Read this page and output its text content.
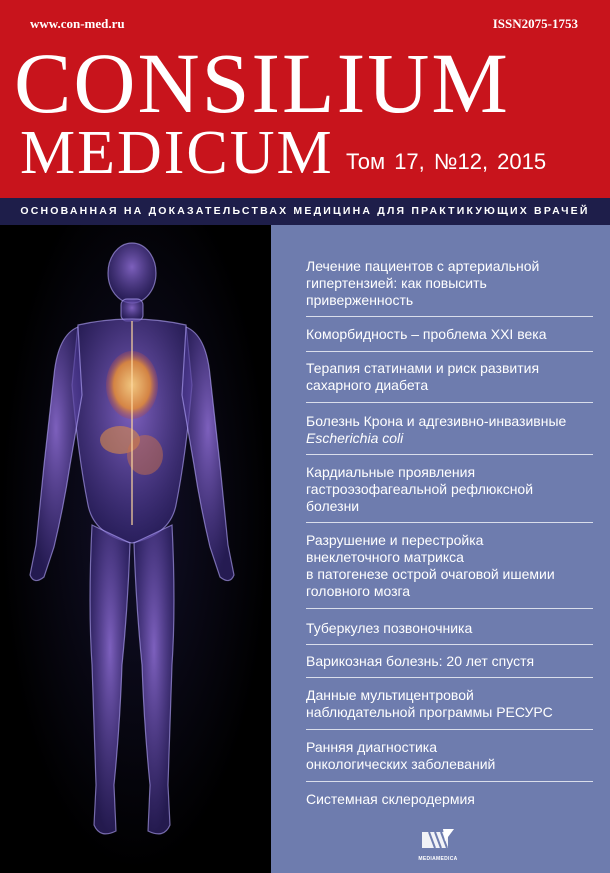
www.con-med.ru	ISSN2075-1753
CONSILIUM
MEDICUM Том 17, №12, 2015
ОСНОВАННАЯ НА ДОКАЗАТЕЛЬСТВАХ МЕДИЦИНА ДЛЯ ПРАКТИКУЮЩИХ ВРАЧЕЙ
Лечение пациентов с артериальной
гипертензией: как повысить
приверженность
Коморбидность – проблема XXI века
Терапия статинами и риск развития
сахарного диабета
Болезнь Крона и адгезивно-инвазивные
Escherichia coli
Кардиальные проявления
гастроэзофагеальной рефлюксной
болезни
Разрушение и перестройка
внеклеточного матрикса
в патогенезе острой очаговой ишемии
головного мозга
Туберкулез позвоночника
Варикозная болезнь: 20 лет спустя
Данные мультицентровой
наблюдательной программы РЕСУРС
Ранняя диагностика
онкологических заболеваний
Системная склеродермия
MEDIAMEDICA
